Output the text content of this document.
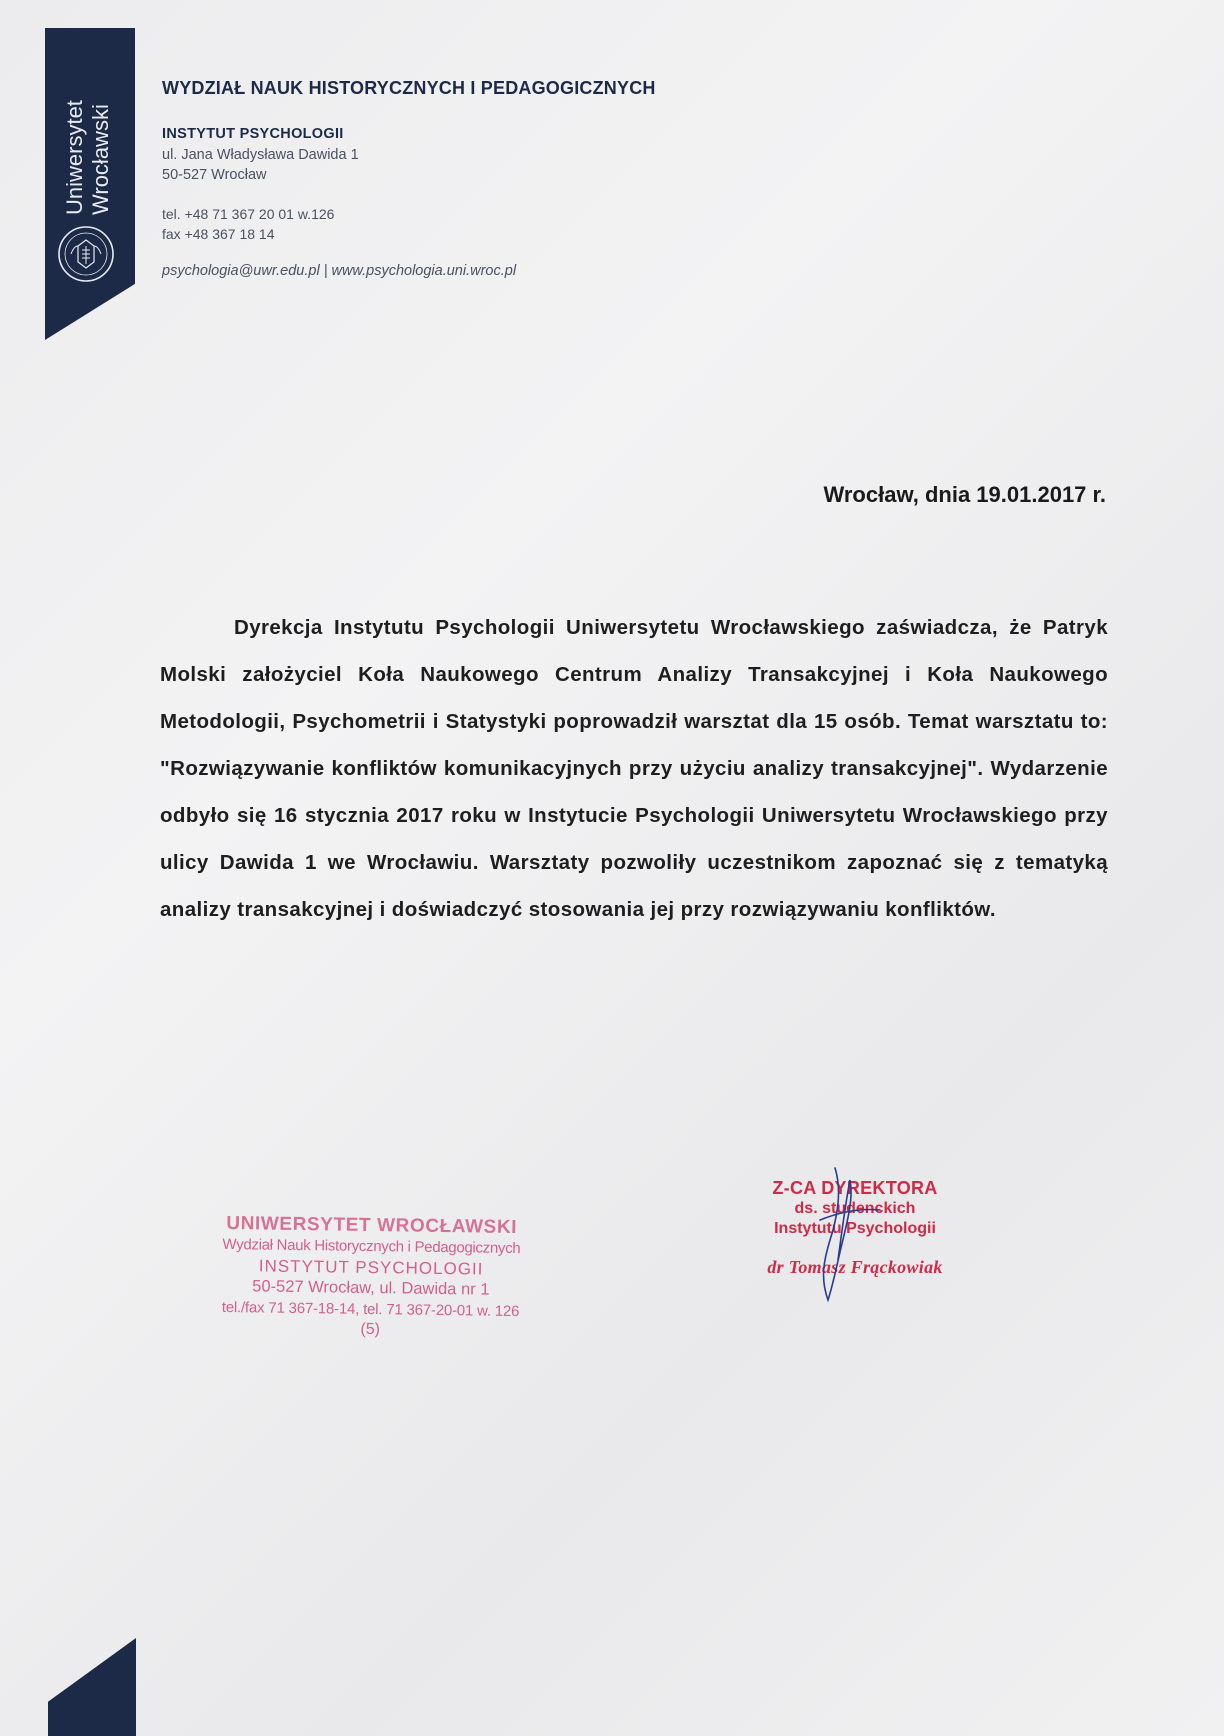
Uniwersytet Wrocławski
WYDZIAŁ NAUK HISTORYCZNYCH I PEDAGOGICZNYCH
INSTYTUT PSYCHOLOGII
ul. Jana Władysława Dawida 1
50-527 Wrocław
tel. +48 71 367 20 01 w.126
fax +48 367 18 14
psychologia@uwr.edu.pl | www.psychologia.uni.wroc.pl
Wrocław, dnia 19.01.2017 r.
Dyrekcja Instytutu Psychologii Uniwersytetu Wrocławskiego zaświadcza, że Patryk Molski założyciel Koła Naukowego Centrum Analizy Transakcyjnej i Koła Naukowego Metodologii, Psychometrii i Statystyki poprowadził warsztat dla 15 osób. Temat warsztatu to: "Rozwiązywanie konfliktów komunikacyjnych przy użyciu analizy transakcyjnej". Wydarzenie odbyło się 16 stycznia 2017 roku w Instytucie Psychologii Uniwersytetu Wrocławskiego przy ulicy Dawida 1 we Wrocławiu. Warsztaty pozwoliły uczestnikom zapoznać się z tematyką analizy transakcyjnej i doświadczyć stosowania jej przy rozwiązywaniu konfliktów.
UNIWERSYTET WROCŁAWSKI
Wydział Nauk Historycznych i Pedagogicznych
INSTYTUT PSYCHOLOGII
50-527 Wrocław, ul. Dawida nr 1
tel./fax 71 367-18-14, tel. 71 367-20-01 w. 126
(5)
Z-CA DYREKTORA
ds. studenckich
Instytutu Psychologii
dr Tomasz Frąckowiak
